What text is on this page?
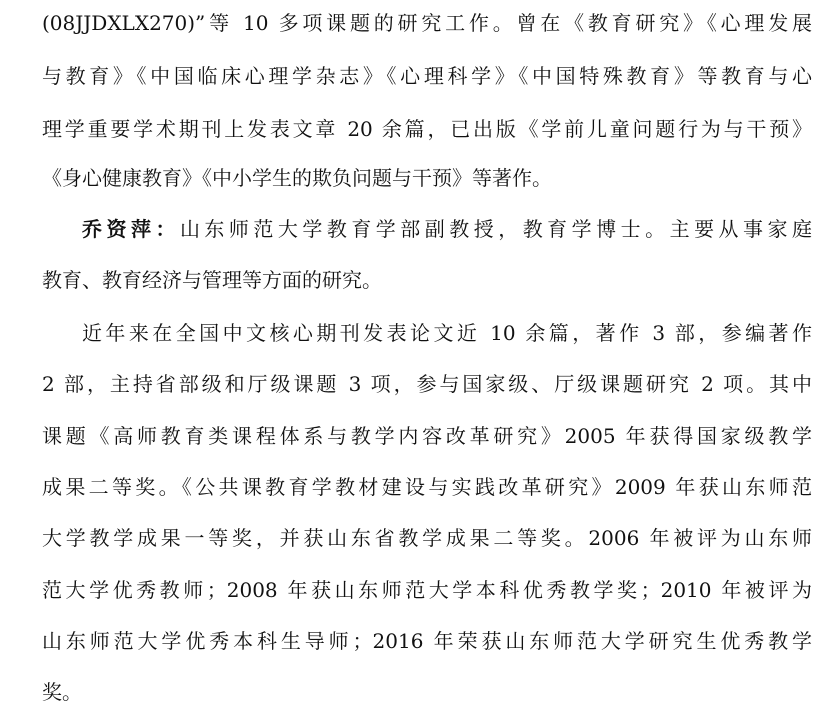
(08JJDXLX270)”等 10 多项课题的研究工作。曾在《教育研究》《心理发展
与教育》《中国临床心理学杂志》《心理科学》《中国特殊教育》等教育与心
理学重要学术期刊上发表文章 20 余篇，已出版《学前儿童问题行为与干预》
《身心健康教育》《中小学生的欺负问题与干预》等著作。
乔资萍：山东师范大学教育学部副教授，教育学博士。主要从事家庭
教育、教育经济与管理等方面的研究。
近年来在全国中文核心期刊发表论文近 10 余篇，著作 3 部，参编著作
2 部，主持省部级和厅级课题 3 项，参与国家级、厅级课题研究 2 项。其中
课题《高师教育类课程体系与教学内容改革研究》2005 年获得国家级教学
成果二等奖。《公共课教育学教材建设与实践改革研究》2009 年获山东师范
大学教学成果一等奖，并获山东省教学成果二等奖。2006 年被评为山东师
范大学优秀教师；2008 年获山东师范大学本科优秀教学奖；2010 年被评为
山东师范大学优秀本科生导师；2016 年荣获山东师范大学研究生优秀教学
奖。
